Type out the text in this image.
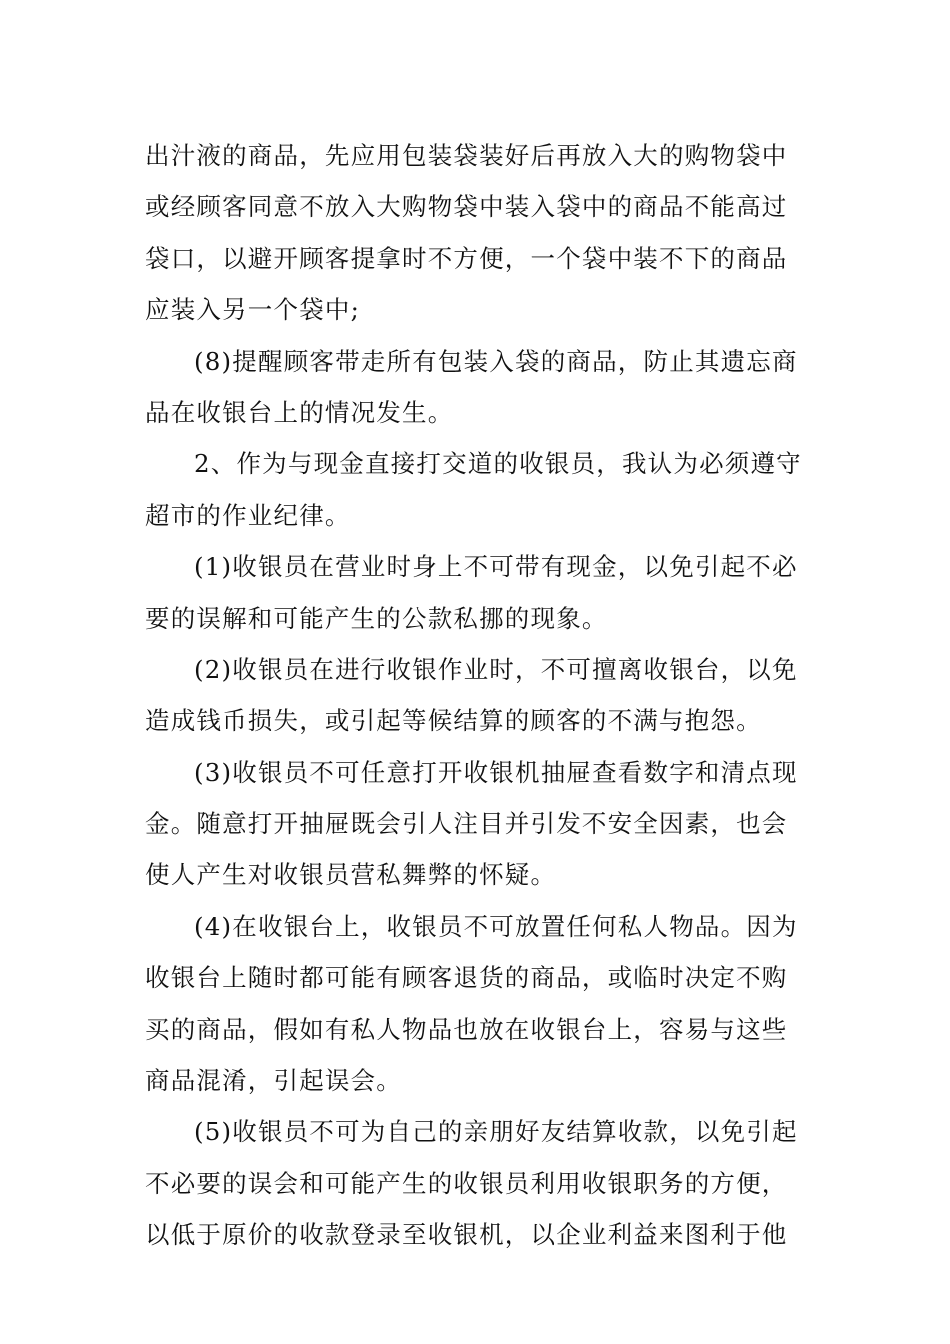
出汁液的商品，先应用包装袋装好后再放入大的购物袋中
或经顾客同意不放入大购物袋中装入袋中的商品不能高过
袋口，以避开顾客提拿时不方便，一个袋中装不下的商品
应装入另一个袋中;
(8)提醒顾客带走所有包装入袋的商品，防止其遗忘商
品在收银台上的情况发生。
2、作为与现金直接打交道的收银员，我认为必须遵守
超市的作业纪律。
(1)收银员在营业时身上不可带有现金，以免引起不必
要的误解和可能产生的公款私挪的现象。
(2)收银员在进行收银作业时，不可擅离收银台，以免
造成钱币损失，或引起等候结算的顾客的不满与抱怨。
(3)收银员不可任意打开收银机抽屉查看数字和清点现
金。随意打开抽屉既会引人注目并引发不安全因素，也会
使人产生对收银员营私舞弊的怀疑。
(4)在收银台上，收银员不可放置任何私人物品。因为
收银台上随时都可能有顾客退货的商品，或临时决定不购
买的商品，假如有私人物品也放在收银台上，容易与这些
商品混淆，引起误会。
(5)收银员不可为自己的亲朋好友结算收款，以免引起
不必要的误会和可能产生的收银员利用收银职务的方便，
以低于原价的收款登录至收银机，以企业利益来图利于他
